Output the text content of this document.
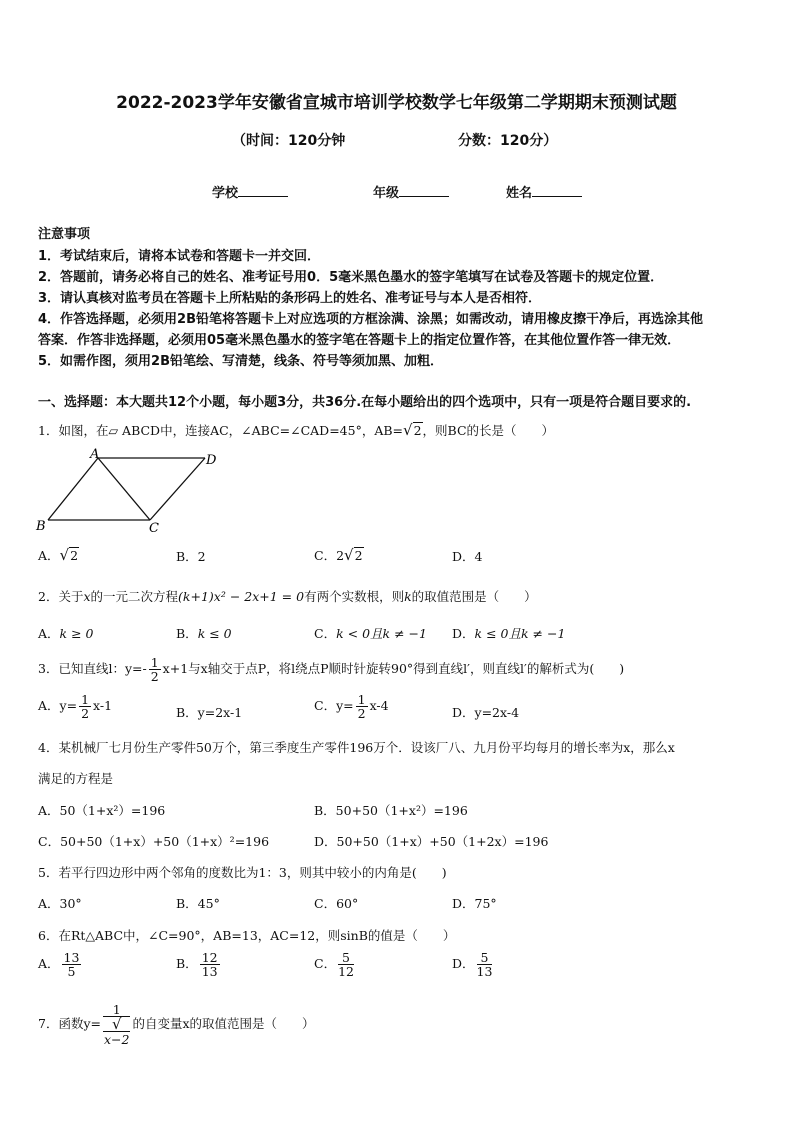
2022-2023学年安徽省宣城市培训学校数学七年级第二学期期末预测试题
（时间：120分钟	分数：120分）
学校	年级	姓名
注意事项
1．考试结束后，请将本试卷和答题卡一并交回．
2．答题前，请务必将自己的姓名、准考证号用0．5毫米黑色墨水的签字笔填写在试卷及答题卡的规定位置．
3．请认真核对监考员在答题卡上所粘贴的条形码上的姓名、准考证号与本人是否相符．
4．作答选择题，必须用2B铅笔将答题卡上对应选项的方框涂满、涂黑；如需改动，请用橡皮擦干净后，再选涂其他
答案．作答非选择题，必须用05毫米黑色墨水的签字笔在答题卡上的指定位置作答，在其他位置作答一律无效．
5．如需作图，须用2B铅笔绘、写清楚，线条、符号等须加黑、加粗．
一、选择题：本大题共12个小题，每小题3分，共36分.在每小题给出的四个选项中，只有一项是符合题目要求的.
1．如图，在▱ ABCD中，连接AC，∠ABC=∠CAD=45°，AB=√2，则BC的长是（　　）
A	D
B	C
A．√2	B．2	C．2√2	D．4
2．关于x的一元二次方程(k+1)x² − 2x+1 = 0有两个实数根，则k的取值范围是（　　）
A．k ≥ 0	B．k ≤ 0	C．k < 0且k ≠ −1 D．k ≤ 0且k ≠ −1
3．已知直线l：$y=- \frac{1}{2} x+1$与x轴交于点P，将l绕点P顺时针旋转90°得到直线l′，则直线l′的解析式为(　　)
A．$y= \frac{1}{2} x-1$	B．y=2x-1	C．$y= \frac{1}{2} x-4$	D．y=2x-4
4．某机械厂七月份生产零件50万个，第三季度生产零件196万个．设该厂八、九月份平均每月的增长率为x，那么x
满足的方程是
A．50（1+x²）=196	B．50+50（1+x²）=196
C．50+50（1+x）+50（1+x）²=196	D．50+50（1+x）+50（1+2x）=196
5．若平行四边形中两个邻角的度数比为1：3，则其中较小的内角是(　　)
A．30°	B．45°	C．60°	D．75°
6．在Rt△ABC中，∠C=90°，AB=13，AC=12，则sinB的值是（　　）
A． $\frac{13}{5}$	B． $\frac{12}{13}$	C． $\frac{5}{12}$	D． $\frac{5}{13}$
7．函数y= 1
√
x−2 的自变量x的取值范围是（　　）
